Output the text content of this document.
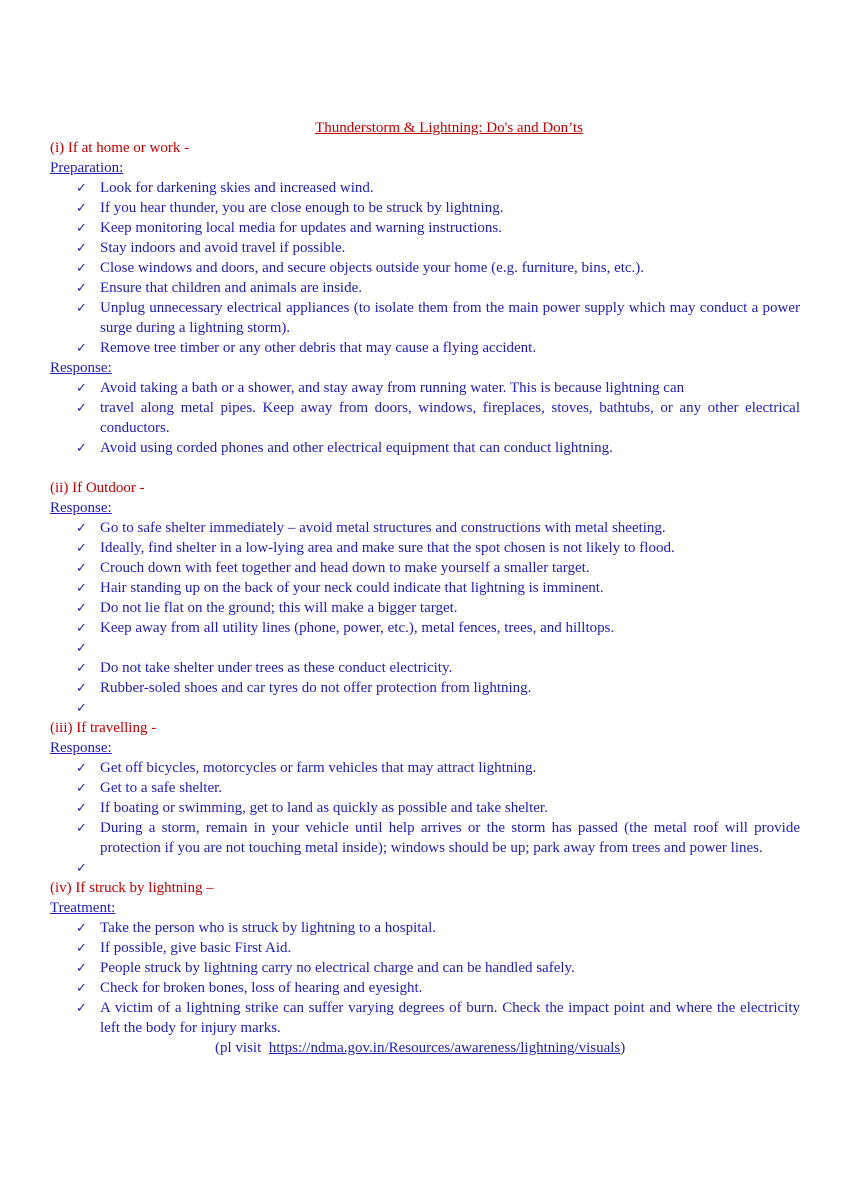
Thunderstorm & Lightning: Do's and Don’ts
(i) If at home or work -
Preparation:
✓ Look for darkening skies and increased wind.
✓ If you hear thunder, you are close enough to be struck by lightning.
✓ Keep monitoring local media for updates and warning instructions.
✓ Stay indoors and avoid travel if possible.
✓ Close windows and doors, and secure objects outside your home (e.g. furniture, bins, etc.).
✓ Ensure that children and animals are inside.
✓ Unplug unnecessary electrical appliances (to isolate them from the main power supply which may conduct a power surge during a lightning storm).
✓ Remove tree timber or any other debris that may cause a flying accident.
Response:
✓ Avoid taking a bath or a shower, and stay away from running water. This is because lightning can
✓ travel along metal pipes. Keep away from doors, windows, fireplaces, stoves, bathtubs, or any other electrical conductors.
✓ Avoid using corded phones and other electrical equipment that can conduct lightning.
(ii) If Outdoor -
Response:
✓ Go to safe shelter immediately – avoid metal structures and constructions with metal sheeting.
✓ Ideally, find shelter in a low-lying area and make sure that the spot chosen is not likely to flood.
✓ Crouch down with feet together and head down to make yourself a smaller target.
✓ Hair standing up on the back of your neck could indicate that lightning is imminent.
✓ Do not lie flat on the ground; this will make a bigger target.
✓ Keep away from all utility lines (phone, power, etc.), metal fences, trees, and hilltops.
✓
✓ Do not take shelter under trees as these conduct electricity.
✓ Rubber-soled shoes and car tyres do not offer protection from lightning.
✓
(iii) If travelling -
Response:
✓ Get off bicycles, motorcycles or farm vehicles that may attract lightning.
✓ Get to a safe shelter.
✓ If boating or swimming, get to land as quickly as possible and take shelter.
✓ During a storm, remain in your vehicle until help arrives or the storm has passed (the metal roof will provide protection if you are not touching metal inside); windows should be up; park away from trees and power lines.
✓
(iv) If struck by lightning –
Treatment:
✓ Take the person who is struck by lightning to a hospital.
✓ If possible, give basic First Aid.
✓ People struck by lightning carry no electrical charge and can be handled safely.
✓ Check for broken bones, loss of hearing and eyesight.
✓ A victim of a lightning strike can suffer varying degrees of burn. Check the impact point and where the electricity left the body for injury marks.
(pl visit  https://ndma.gov.in/Resources/awareness/lightning/visuals)
